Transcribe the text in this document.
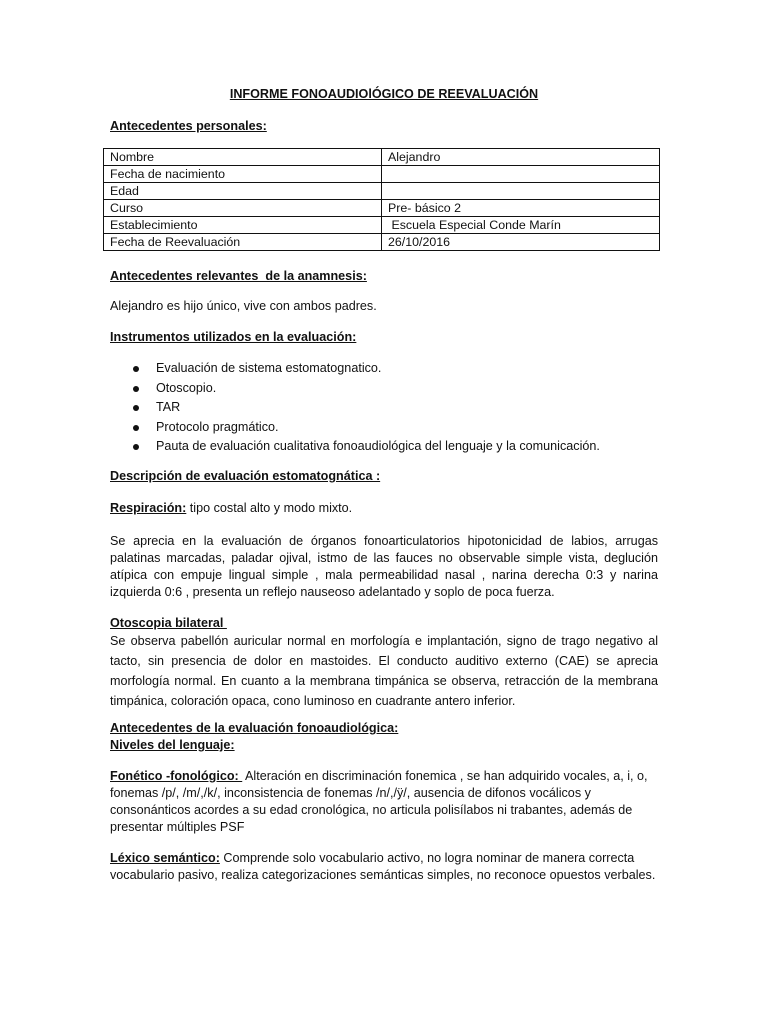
INFORME FONOAUDIOlÓGICO DE REEVALUACIÓN
Antecedentes personales:
Nombre	Alejandro
Fecha de nacimiento	
Edad	
Curso	Pre- básico 2
Establecimiento	Escuela Especial Conde Marín
Fecha de Reevaluación	26/10/2016
Antecedentes relevantes  de la anamnesis:
Alejandro es hijo único, vive con ambos padres.
Instrumentos utilizados en la evaluación:
Evaluación de sistema estomatognatico.
Otoscopio.
TAR
Protocolo pragmático.
Pauta de evaluación cualitativa fonoaudiológica del lenguaje y la comunicación.
Descripción de evaluación estomatognática :
Respiración: tipo costal alto y modo mixto.
Se aprecia en la evaluación de órganos fonoarticulatorios hipotonicidad de labios, arrugas palatinas marcadas, paladar ojival, istmo de las fauces no observable simple vista, deglución atípica con empuje lingual simple , mala permeabilidad nasal , narina derecha 0:3 y narina izquierda 0:6 , presenta un reflejo nauseoso adelantado y soplo de poca fuerza.
Otoscopia bilateral
Se observa pabellón auricular normal en morfología e implantación, signo de trago negativo al tacto, sin presencia de dolor en mastoides. El conducto auditivo externo (CAE) se aprecia morfología normal. En cuanto a la membrana timpánica se observa, retracción de la membrana timpánica, coloración opaca, cono luminoso en cuadrante antero inferior.
Antecedentes de la evaluación fonoaudiológica:
Niveles del lenguaje:
Fonético -fonológico:  Alteración en discriminación fonemica , se han adquirido vocales, a, i, o, fonemas /p/, /m/,/k/, inconsistencia de fonemas /n/,/ÿ/, ausencia de difonos vocálicos y consonánticos acordes a su edad cronológica, no articula polisílabos ni trabantes, además de presentar múltiples PSF
Léxico semántico: Comprende solo vocabulario activo, no logra nominar de manera correcta vocabulario pasivo, realiza categorizaciones semánticas simples, no reconoce opuestos verbales.
